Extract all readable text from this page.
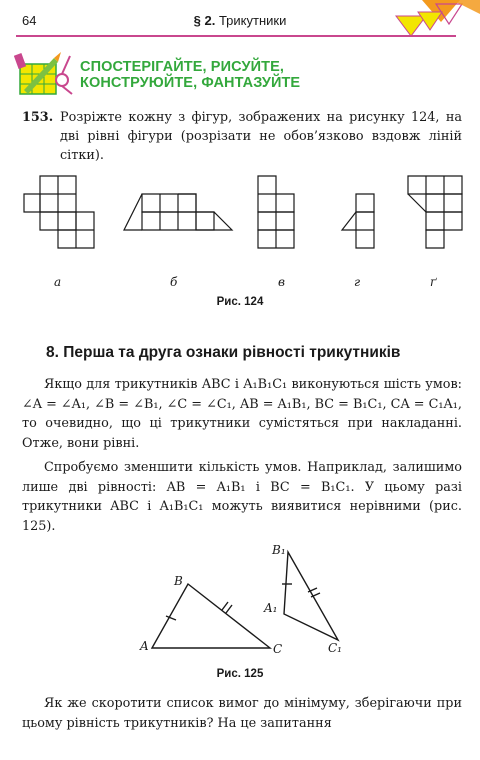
64	§ 2. Трикутники
СПОСТЕРІГАЙТЕ, РИСУЙТЕ,
КОНСТРУЮЙТЕ, ФАНТАЗУЙТЕ
153. Розріжте кожну з фігур, зображених на рисунку 124, на дві рівні фігури (розрізати не обов’язково вздовж ліній сітки).
а	б	в	г	ґ
Рис. 124
8. Перша та друга ознаки рівності трикутників
Якщо для трикутників ABC і A₁B₁C₁ виконуються шість умов: ∠A = ∠A₁, ∠B = ∠B₁, ∠C = ∠C₁, AB = A₁B₁, BC = B₁C₁, CA = C₁A₁, то очевидно, що ці трикутники сумістяться при накладанні. Отже, вони рівні.
Спробуємо зменшити кількість умов. Наприклад, залишимо лише дві рівності: AB = A₁B₁ і BC = B₁C₁. У цьому разі трикутники ABC і A₁B₁C₁ можуть виявитися нерівними (рис. 125).
A
B
C
A₁
B₁
C₁
Рис. 125
Як же скоротити список вимог до мінімуму, зберігаючи при цьому рівність трикутників? На це запитання
